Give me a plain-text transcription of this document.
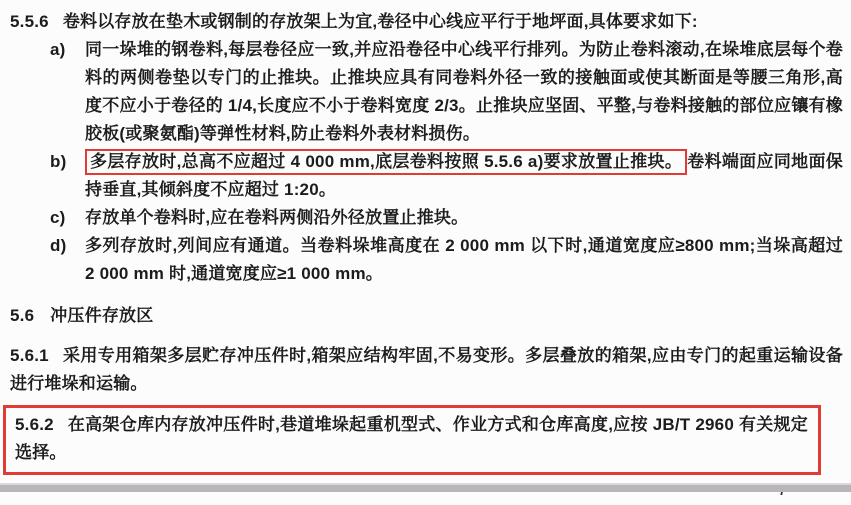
5.5.6 卷料以存放在垫木或钢制的存放架上为宜,卷径中心线应平行于地坪面,具体要求如下:

a) 同一垛堆的钢卷料,每层卷径应一致,并应沿卷径中心线平行排列。为防止卷料滚动,在垛堆底层每个卷料的两侧卷垫以专门的止推块。止推块应具有同卷料外径一致的接触面或使其断面是等腰三角形,高度不应小于卷径的 1/4,长度应不小于卷料宽度 2/3。止推块应坚固、平整,与卷料接触的部位应镶有橡胶板(或聚氨酯)等弹性材料,防止卷料外表材料损伤。
b) 多层存放时,总高不应超过 4 000 mm,底层卷料按照 5.5.6 a)要求放置止推块。 卷料端面应同地面保持垂直,其倾斜度不应超过 1:20。
c) 存放单个卷料时,应在卷料两侧沿外径放置止推块。
d) 多列存放时,列间应有通道。当卷料垛堆高度在 2 000 mm 以下时,通道宽度应≥800 mm;当垛高超过 2 000 mm 时,通道宽度应≥1 000 mm。
5.6 冲压件存放区

5.6.1 采用专用箱架多层贮存冲压件时,箱架应结构牢固,不易变形。多层叠放的箱架,应由专门的起重运输设备进行堆垛和运输。

5.6.2 在高架仓库内存放冲压件时,巷道堆垛起重机型式、作业方式和仓库高度,应按 JB/T 2960 有关规定选择。
